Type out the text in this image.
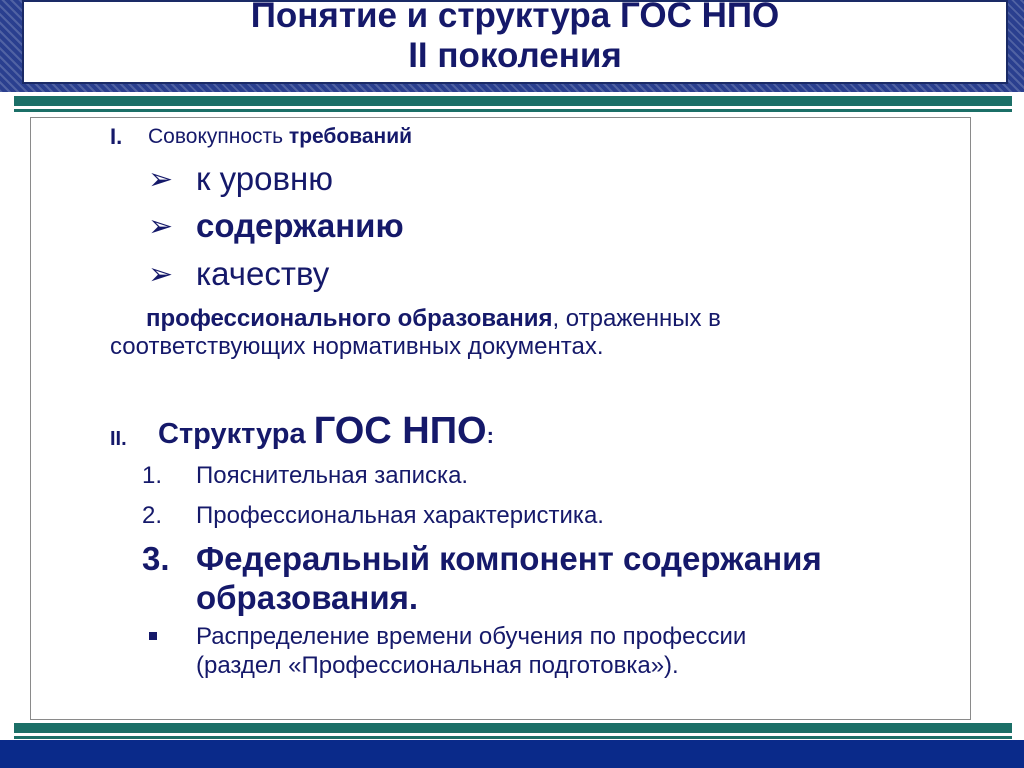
Понятие и структура ГОС НПО
II поколения
I. Совокупность требований
➢ к уровню
➢ содержанию
➢ качеству
профессионального образования, отраженных в
соответствующих нормативных документах.
II. Структура ГОС НПО:
1. Пояснительная записка.
2. Профессиональная характеристика.
3. Федеральный компонент содержания
образования.
Распределение времени обучения по профессии
(раздел «Профессиональная подготовка»).
